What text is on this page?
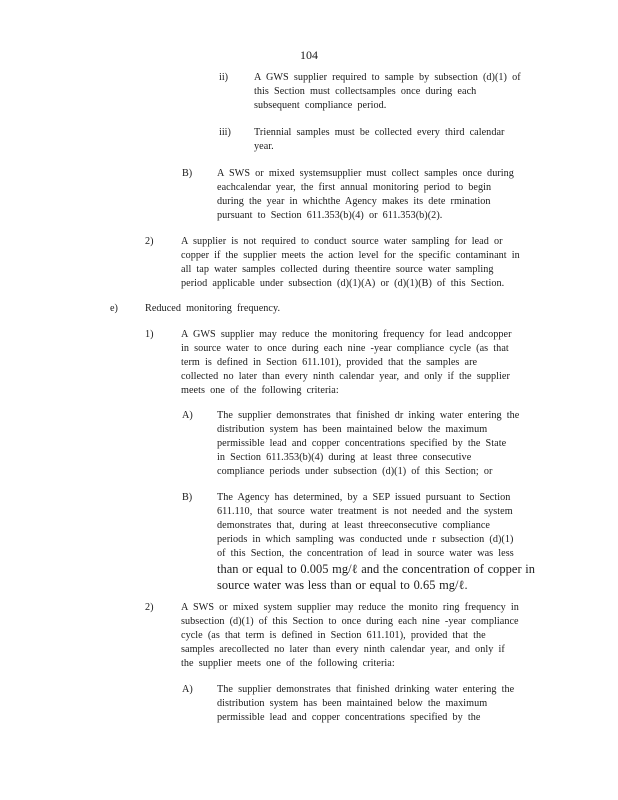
104
ii)	A GWS supplier required to sample by subsection (d)(1) of
this Section must collectsamples once during each
subsequent compliance period.
iii) Triennial samples must be collected every third calendar
year.
B) A SWS or mixed systemsupplier must collect samples once during
eachcalendar year, the first annual monitoring period to begin
during the year in whichthe Agency makes its dete rmination
pursuant to Section 611.353(b)(4) or 611.353(b)(2).
2)	A supplier is not required to conduct source water sampling for lead or
copper if the supplier meets the action level for the specific contaminant in
all tap water samples collected during theentire source water sampling
period applicable under subsection (d)(1)(A) or (d)(1)(B) of this Section.
e)	Reduced monitoring frequency.
1)	A GWS supplier may reduce the monitoring frequency for lead andcopper
in source water to once during each nine -year compliance cycle (as that
term is defined in Section 611.101), provided that the samples are
collected no later than every ninth calendar year, and only if the supplier
meets one of the following criteria:
A) The supplier demonstrates that finished dr inking water entering the
distribution system has been maintained below the maximum
permissible lead and copper concentrations specified by the State
in Section 611.353(b)(4) during at least three consecutive
compliance periods under subsection (d)(1) of this Section; or
B) The Agency has determined, by a SEP issued pursuant to Section
611.110, that source water treatment is not needed and the system
demonstrates that, during at least threeconsecutive compliance
periods in which sampling was conducted unde r subsection (d)(1)
of this Section, the concentration of lead in source water was less
than or equal to 0.005 mg/ℓ and the concentration of copper in
source water was less than or equal to 0.65 mg/ℓ.
2)	A SWS or mixed system supplier may reduce the monito ring frequency in
subsection (d)(1) of this Section to once during each nine -year compliance
cycle (as that term is defined in Section 611.101), provided that the
samples arecollected no later than every ninth calendar year, and only if
the supplier meets one of the following criteria:
A) The supplier demonstrates that finished drinking water entering the
distribution system has been maintained below the maximum
permissible lead and copper concentrations specified by the
